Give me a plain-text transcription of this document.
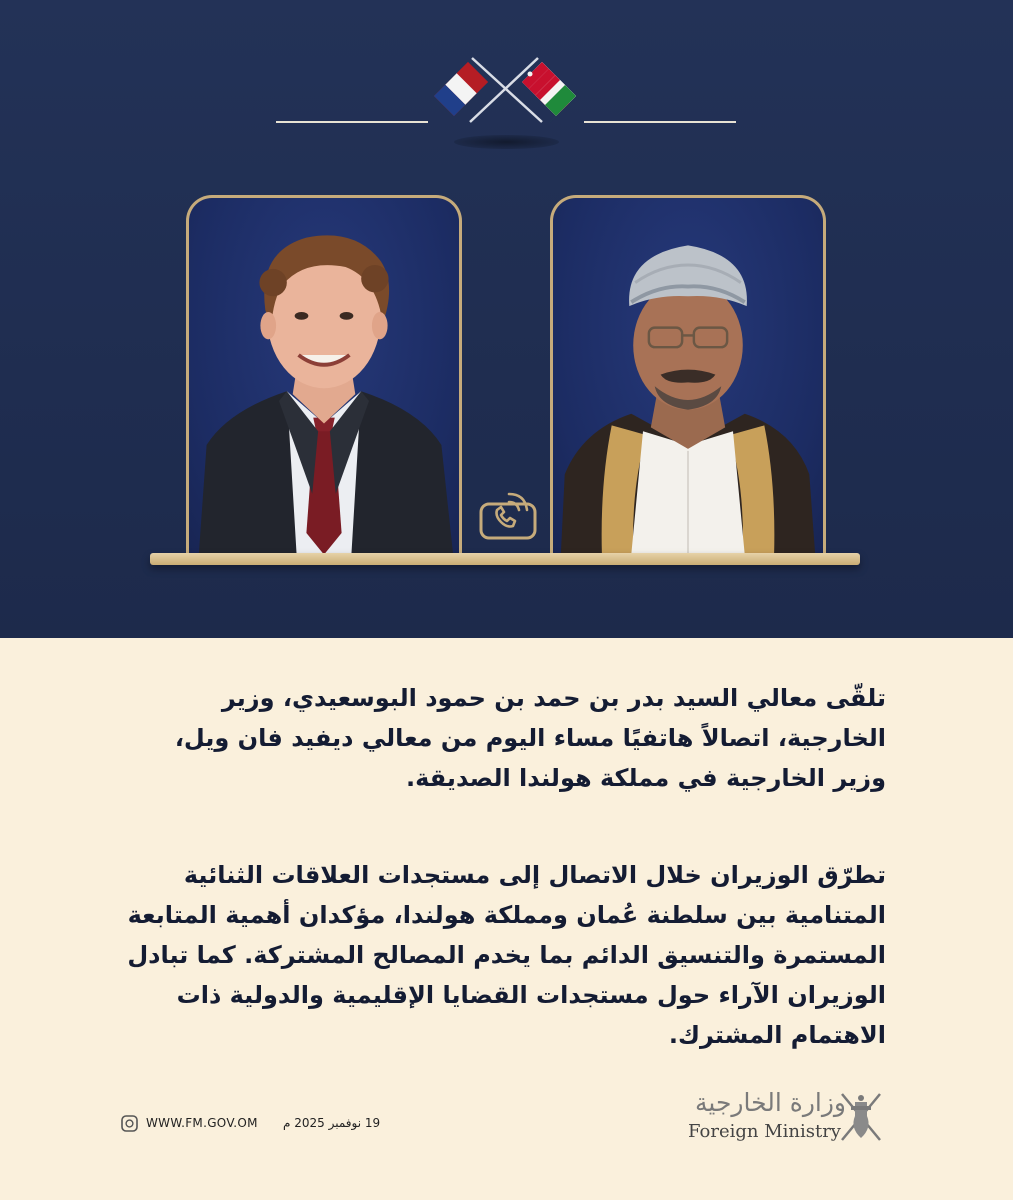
تلقّى معالي السيد بدر بن حمد بن حمود البوسعيدي، وزير الخارجية، اتصالاً هاتفيًا مساء اليوم من معالي ديفيد فان ويل، وزير الخارجية في مملكة هولندا الصديقة.
تطرّق الوزيران خلال الاتصال إلى مستجدات العلاقات الثنائية المتنامية بين سلطنة عُمان ومملكة هولندا، مؤكدان أهمية المتابعة المستمرة والتنسيق الدائم بما يخدم المصالح المشتركة. كما تبادل الوزيران الآراء حول مستجدات القضايا الإقليمية والدولية ذات الاهتمام المشترك.
WWW.FM.GOV.OM 19 نوفمبر 2025 م
وزارة الخارجية
Foreign Ministry
